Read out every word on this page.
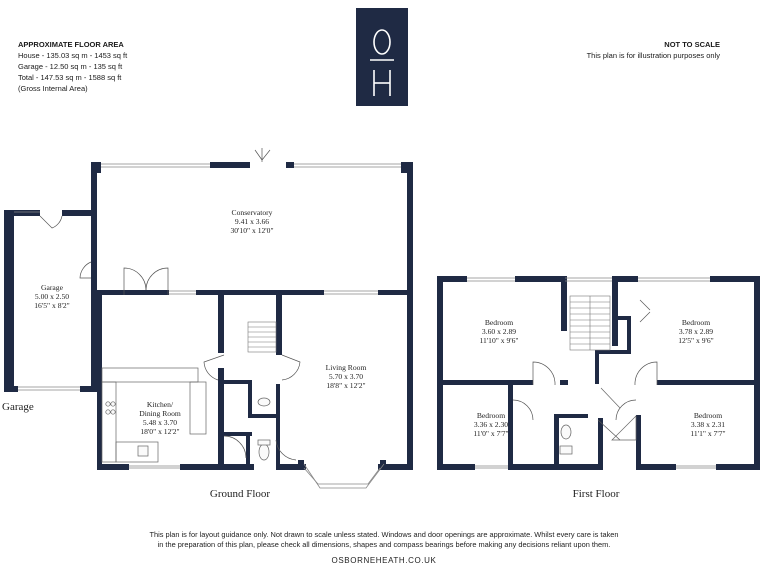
APPROXIMATE FLOOR AREA
House - 135.03 sq m - 1453 sq ft
Garage - 12.50 sq m - 135 sq ft
Total - 147.53 sq m - 1588 sq ft
(Gross Internal Area)
NOT TO SCALE
This plan is for illustration purposes only
Conservatory
9.41 x 3.66
30'10" x 12'0"
Garage
5.00 x 2.50
16'5" x 8'2"
Living Room
5.70 x 3.70
18'8" x 12'2"
Kitchen/
Dining Room
5.48 x 3.70
18'0" x 12'2"
Bedroom
3.60 x 2.89
11'10" x 9'6"
Bedroom
3.78 x 2.89
12'5" x 9'6"
Bedroom
3.36 x 2.30
11'0" x 7'7"
Bedroom
3.38 x 2.31
11'1" x 7'7"
Ground Floor	First Floor
Garage
This plan is for layout guidance only. Not drawn to scale unless stated. Windows and door openings are approximate. Whilst every care is taken
in the preparation of this plan, please check all dimensions, shapes and compass bearings before making any decisions reliant upon them.
OSBORNEHEATH.CO.UK
